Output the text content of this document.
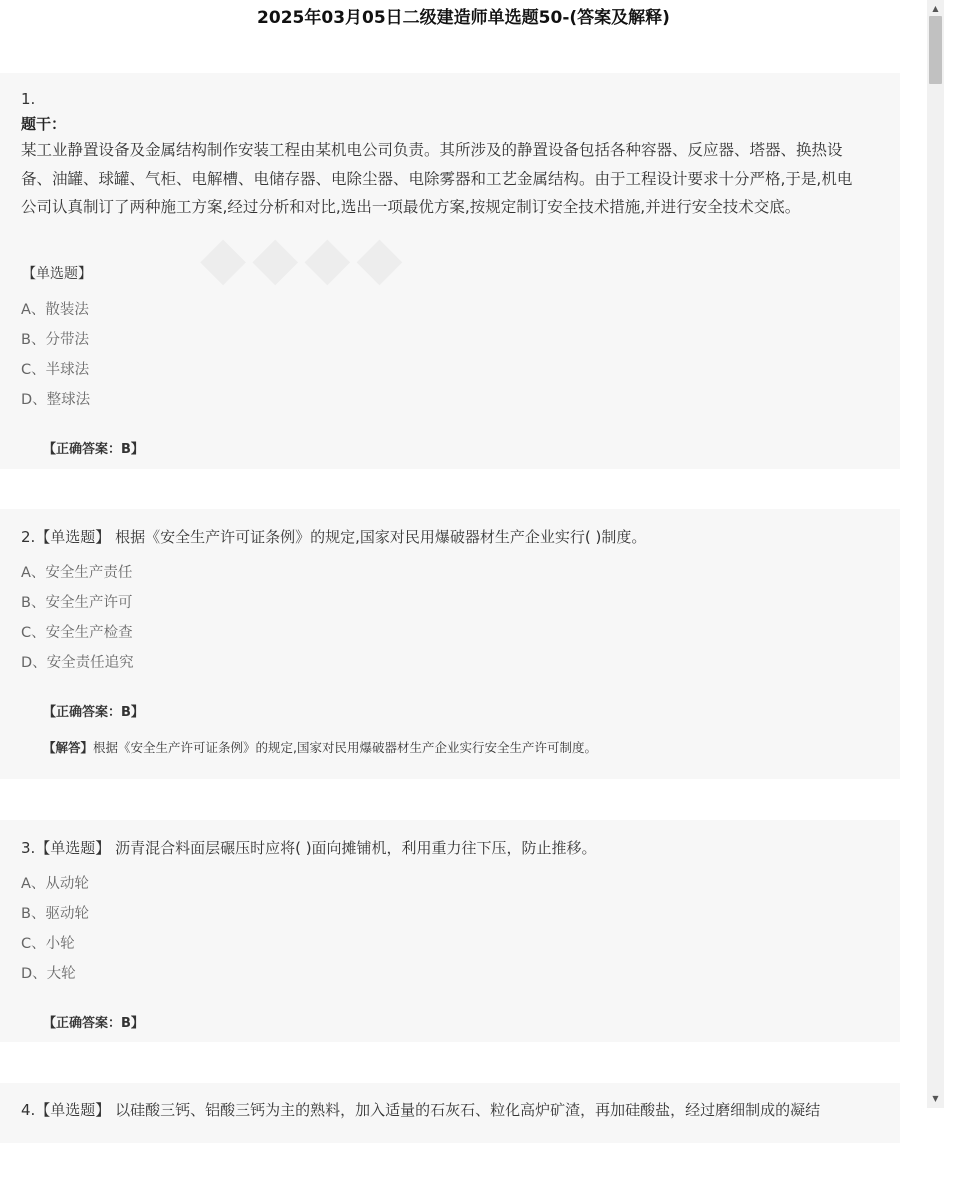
2025年03月05日二级建造师单选题50-(答案及解释)
1.
题干：
某工业静置设备及金属结构制作安装工程由某机电公司负责。其所涉及的静置设备包括各种容器、反应器、塔器、换热设
备、油罐、球罐、气柜、电解槽、电储存器、电除尘器、电除雾器和工艺金属结构。由于工程设计要求十分严格,于是,机电
公司认真制订了两种施工方案,经过分析和对比,选出一项最优方案,按规定制订安全技术措施,并进行安全技术交底。
【单选题】
A、散装法
B、分带法
C、半球法
D、整球法
【正确答案：B】
2.【单选题】 根据《安全生产许可证条例》的规定,国家对民用爆破器材生产企业实行( )制度。
A、安全生产责任
B、安全生产许可
C、安全生产检查
D、安全责任追究
【正确答案：B】
【解答】根据《安全生产许可证条例》的规定,国家对民用爆破器材生产企业实行安全生产许可制度。
3.【单选题】 沥青混合料面层碾压时应将( )面向摊铺机，利用重力往下压，防止推移。
A、从动轮
B、驱动轮
C、小轮
D、大轮
【正确答案：B】
4.【单选题】 以硅酸三钙、铝酸三钙为主的熟料，加入适量的石灰石、粒化高炉矿渣，再加硅酸盐，经过磨细制成的凝结
▲
▼
